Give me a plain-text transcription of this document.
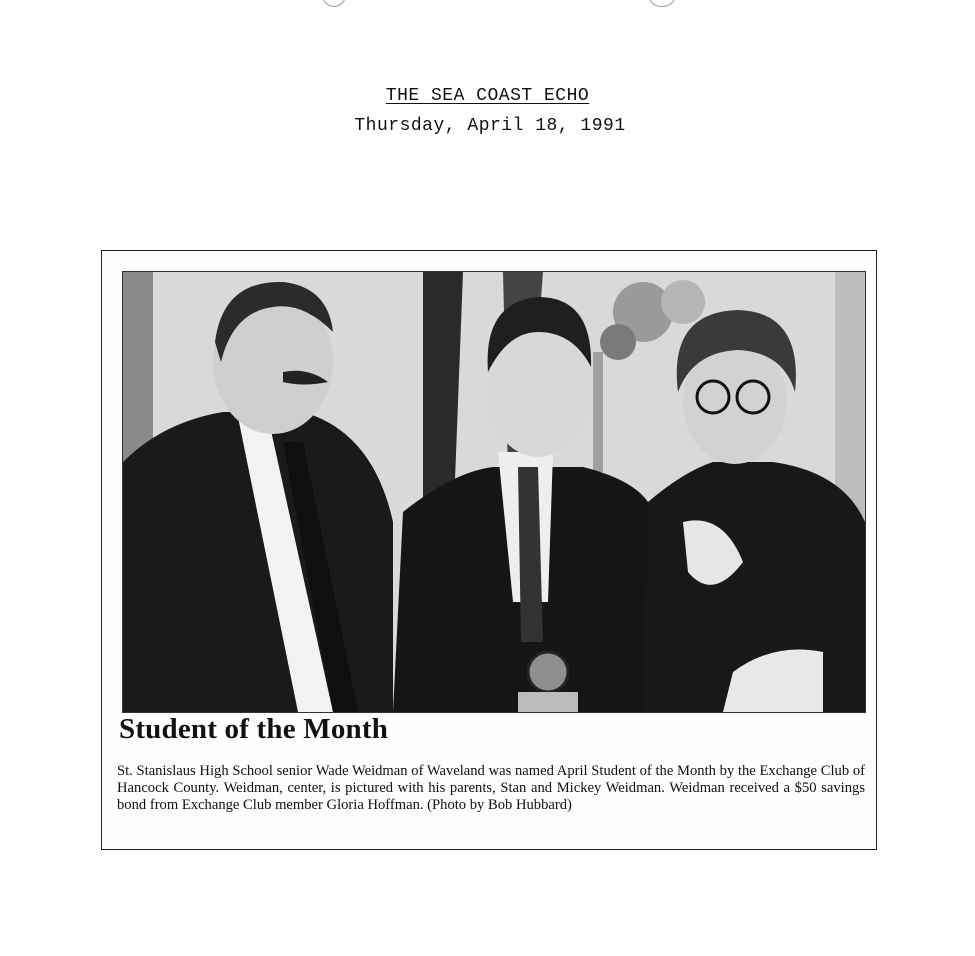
THE SEA COAST ECHO
Thursday, April 18, 1991
Student of the Month

St. Stanislaus High School senior Wade Weidman of Waveland was named April Student of the Month by the Exchange Club of Hancock County. Weidman, center, is pictured with his parents, Stan and Mickey Weidman. Weidman received a $50 savings bond from Exchange Club member Gloria Hoffman. (Photo by Bob Hubbard)
